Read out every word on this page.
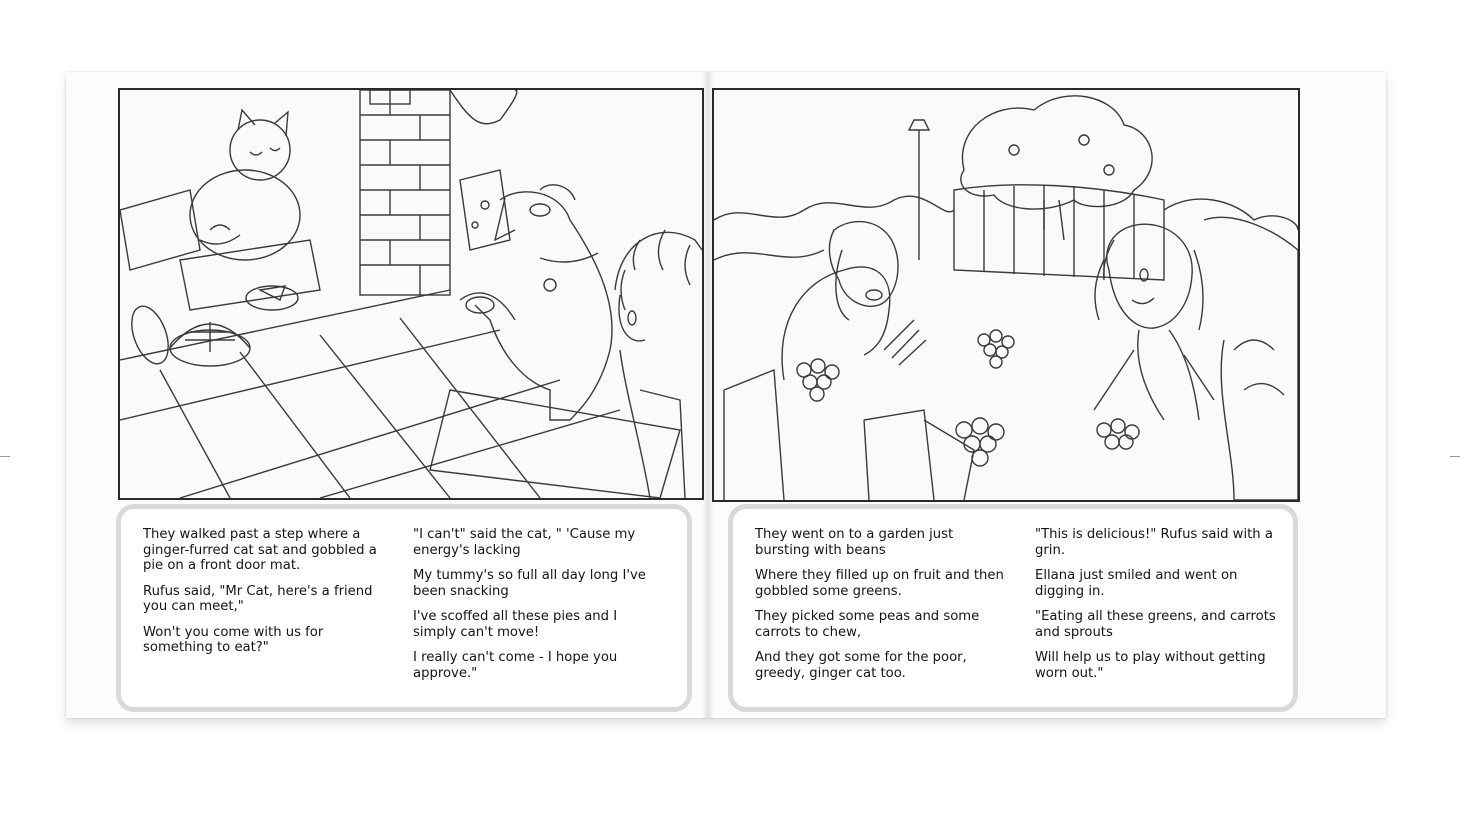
They walked past a step where a ginger-furred cat sat and gobbled a pie on a front door mat.

Rufus said, "Mr Cat, here's a friend you can meet,"

Won't you come with us for something to eat?"

"I can't" said the cat, " 'Cause my energy's lacking

My tummy's so full all day long I've been snacking

I've scoffed all these pies and I simply can't move!

I really can't come - I hope you approve."

They went on to a garden just bursting with beans

Where they filled up on fruit and then gobbled some greens.

They picked some peas and some carrots to chew,

And they got some for the poor, greedy, ginger cat too.

"This is delicious!" Rufus said with a grin.

Ellana just smiled and went on digging in.

"Eating all these greens, and carrots and sprouts

Will help us to play without getting worn out."
